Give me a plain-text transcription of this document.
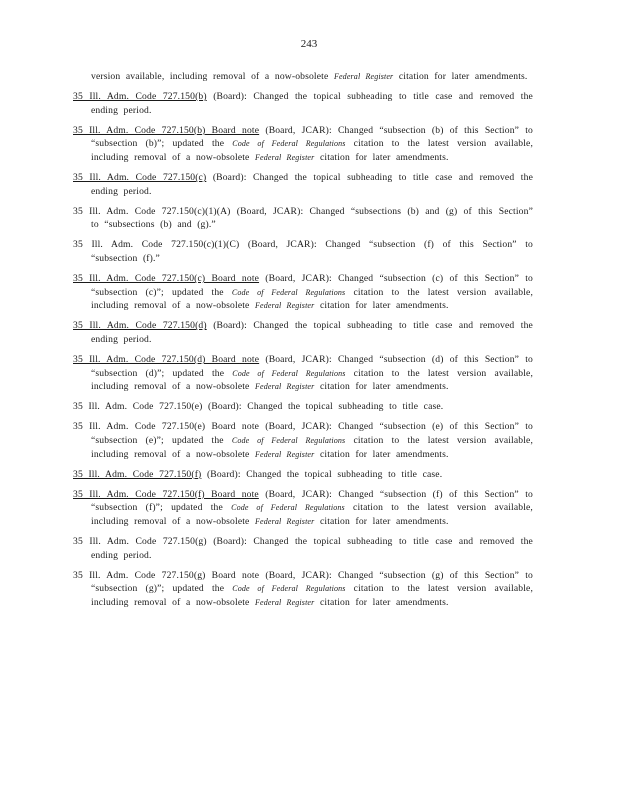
243
version available, including removal of a now-obsolete Federal Register citation for later amendments.
35 Ill. Adm. Code 727.150(b) (Board): Changed the topical subheading to title case and removed the ending period.
35 Ill. Adm. Code 727.150(b) Board note (Board, JCAR): Changed “subsection (b) of this Section” to “subsection (b)”; updated the Code of Federal Regulations citation to the latest version available, including removal of a now-obsolete Federal Register citation for later amendments.
35 Ill. Adm. Code 727.150(c) (Board): Changed the topical subheading to title case and removed the ending period.
35 Ill. Adm. Code 727.150(c)(1)(A) (Board, JCAR): Changed “subsections (b) and (g) of this Section” to “subsections (b) and (g).”
35 Ill. Adm. Code 727.150(c)(1)(C) (Board, JCAR): Changed “subsection (f) of this Section” to “subsection (f).”
35 Ill. Adm. Code 727.150(c) Board note (Board, JCAR): Changed “subsection (c) of this Section” to “subsection (c)”; updated the Code of Federal Regulations citation to the latest version available, including removal of a now-obsolete Federal Register citation for later amendments.
35 Ill. Adm. Code 727.150(d) (Board): Changed the topical subheading to title case and removed the ending period.
35 Ill. Adm. Code 727.150(d) Board note (Board, JCAR): Changed “subsection (d) of this Section” to “subsection (d)”; updated the Code of Federal Regulations citation to the latest version available, including removal of a now-obsolete Federal Register citation for later amendments.
35 Ill. Adm. Code 727.150(e) (Board): Changed the topical subheading to title case.
35 Ill. Adm. Code 727.150(e) Board note (Board, JCAR): Changed “subsection (e) of this Section” to “subsection (e)”; updated the Code of Federal Regulations citation to the latest version available, including removal of a now-obsolete Federal Register citation for later amendments.
35 Ill. Adm. Code 727.150(f) (Board): Changed the topical subheading to title case.
35 Ill. Adm. Code 727.150(f) Board note (Board, JCAR): Changed “subsection (f) of this Section” to “subsection (f)”; updated the Code of Federal Regulations citation to the latest version available, including removal of a now-obsolete Federal Register citation for later amendments.
35 Ill. Adm. Code 727.150(g) (Board): Changed the topical subheading to title case and removed the ending period.
35 Ill. Adm. Code 727.150(g) Board note (Board, JCAR): Changed “subsection (g) of this Section” to “subsection (g)”; updated the Code of Federal Regulations citation to the latest version available, including removal of a now-obsolete Federal Register citation for later amendments.
